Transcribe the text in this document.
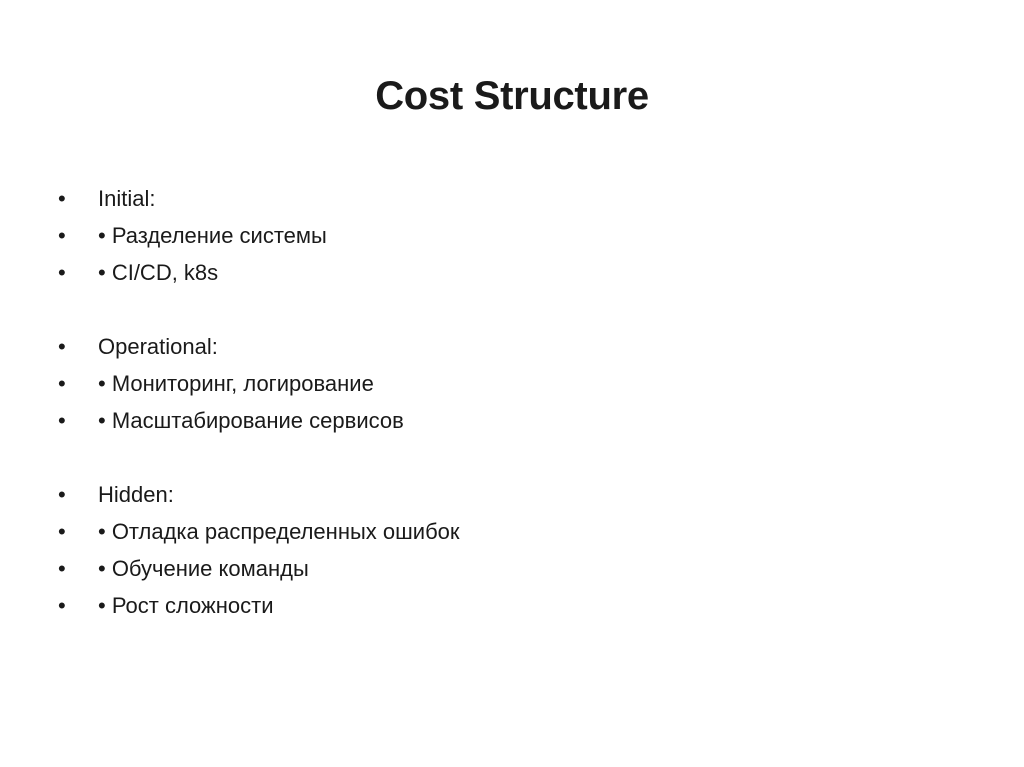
Cost Structure
• Initial:
• • Разделение системы
• • CI/CD, k8s
• Operational:
• • Мониторинг, логирование
• • Масштабирование сервисов
• Hidden:
• • Отладка распределенных ошибок
• • Обучение команды
• • Рост сложности
